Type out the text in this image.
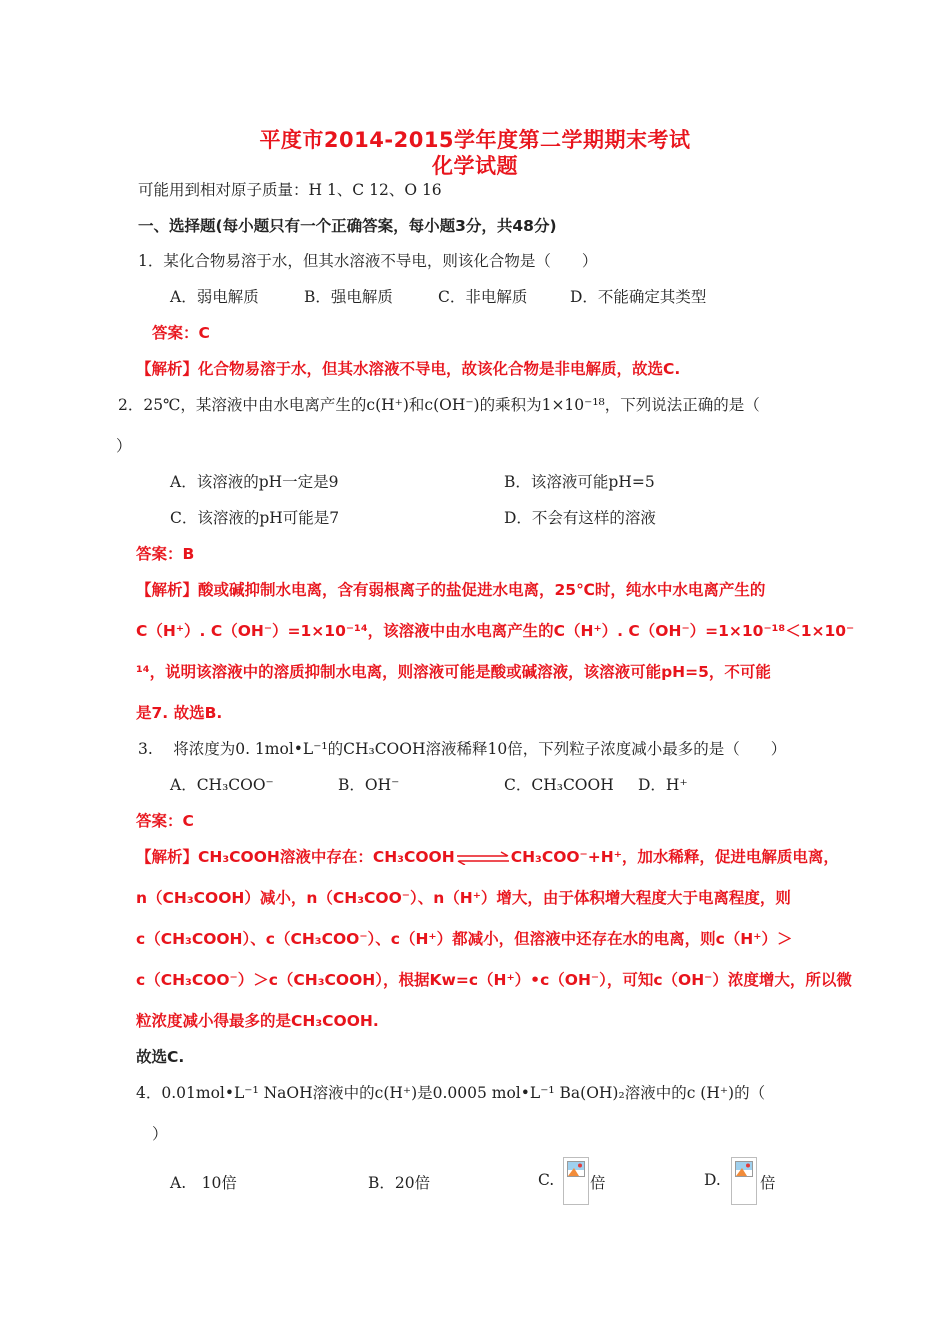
平度市2014-2015学年度第二学期期末考试
化学试题
可能用到相对原子质量：H 1、C 12、O 16
一、选择题(每小题只有一个正确答案，每小题3分，共48分)
1．某化合物易溶于水，但其水溶液不导电，则该化合物是（　　）
A．弱电解质	B．强电解质	C．非电解质	D．不能确定其类型
答案：C
【解析】化合物易溶于水，但其水溶液不导电，故该化合物是非电解质，故选C.
2．25℃，某溶液中由水电离产生的c(H⁺)和c(OH⁻)的乘积为1×10⁻¹⁸，下列说法正确的是（
）
A．该溶液的pH一定是9	B．该溶液可能pH=5
C．该溶液的pH可能是7	D．不会有这样的溶液
答案：B
【解析】酸或碱抑制水电离，含有弱根离子的盐促进水电离，25℃时，纯水中水电离产生的
C（H⁺）. C（OH⁻）=1×10⁻¹⁴，该溶液中由水电离产生的C（H⁺）. C（OH⁻）=1×10⁻¹⁸＜1×10⁻
¹⁴，说明该溶液中的溶质抑制水电离，则溶液可能是酸或碱溶液，该溶液可能pH=5，不可能
是7. 故选B.
3.　 将浓度为0. 1mol•L⁻¹的CH₃COOH溶液稀释10倍，下列粒子浓度减小最多的是（　　）
A．CH₃COO⁻	B．OH⁻	C．CH₃COOH D．H⁺
答案：C
【解析】CH₃COOH溶液中存在：CH₃COOH⇌CH₃COO⁻+H⁺，加水稀释，促进电解质电离，
n（CH₃COOH）减小，n（CH₃COO⁻）、n（H⁺）增大，由于体积增大程度大于电离程度，则
c（CH₃COOH）、c（CH₃COO⁻）、c（H⁺）都减小，但溶液中还存在水的电离，则c（H⁺）＞
c（CH₃COO⁻）＞c（CH₃COOH），根据Kw=c（H⁺）•c（OH⁻），可知c（OH⁻）浓度增大，所以微
粒浓度减小得最多的是CH₃COOH.
故选C.
4．0.01mol•L⁻¹ NaOH溶液中的c(H⁺)是0.0005 mol•L⁻¹ Ba(OH)₂溶液中的c (H⁺)的（
）
A.　10倍	B．20倍	C. 倍	D.	倍
